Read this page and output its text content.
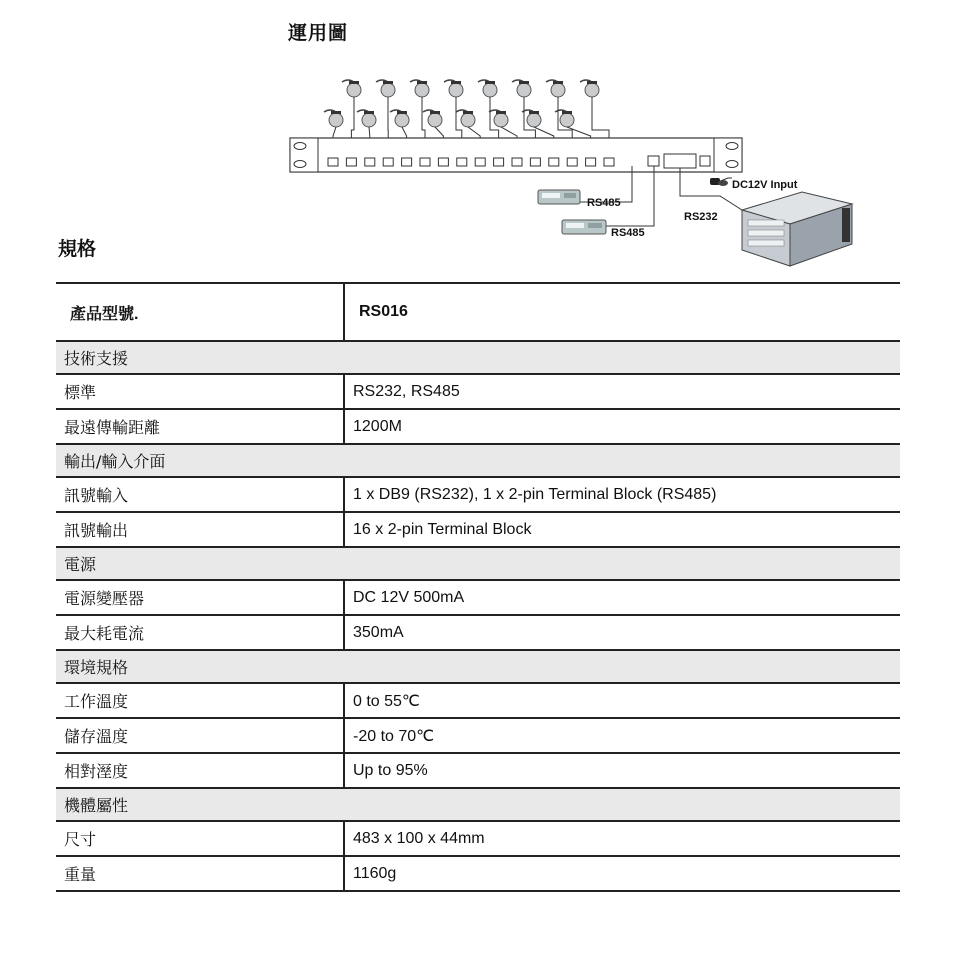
運用圖
RS485
RS485
RS232
DC12V Input
規格
產品型號.	RS016
技術支援	
標準	RS232, RS485
最遠傳輸距離	1200M
輸出/輸入介面	
訊號輸入	1 x DB9 (RS232), 1 x 2-pin Terminal Block (RS485)
訊號輸出	16 x 2-pin Terminal Block
電源	
電源變壓器	DC 12V 500mA
最大耗電流	350mA
環境規格	
工作溫度	0 to 55℃
儲存溫度	-20 to 70℃
相對溼度	Up to 95%
機體屬性	
尺寸	483 x 100 x 44mm
重量	1160g
